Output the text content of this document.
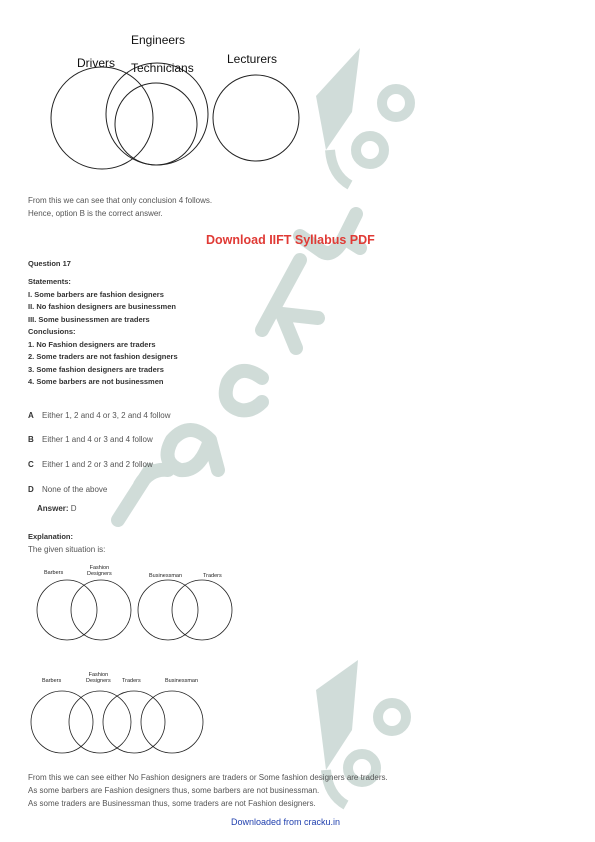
Engineers
Drivers Technicians
Lecturers
From this we can see that only conclusion 4 follows.
Hence, option B is the correct answer.
Download IIFT Syllabus PDF
Question 17
Statements:
I. Some barbers are fashion designers
II. No fashion designers are businessmen
III. Some businessmen are traders
Conclusions:
1. No Fashion designers are traders
2. Some traders are not fashion designers
3. Some fashion designers are traders
4. Some barbers are not businessmen
A Either 1, 2 and 4 or 3, 2 and 4 follow
B Either 1 and 4 or 3 and 4 follow
C Either 1 and 2 or 3 and 2 follow
D None of the above
Answer: D
Explanation:
The given situation is:
Barbers
Fashion
Designers	Businessman	Traders
Barbers
Fashion
Designers Traders	Businessman
From this we can see either No Fashion designers are traders or Some fashion designers are traders.
As some barbers are Fashion designers thus, some barbers are not businessman.
As some traders are Businessman thus, some traders are not Fashion designers.
Downloaded from cracku.in
